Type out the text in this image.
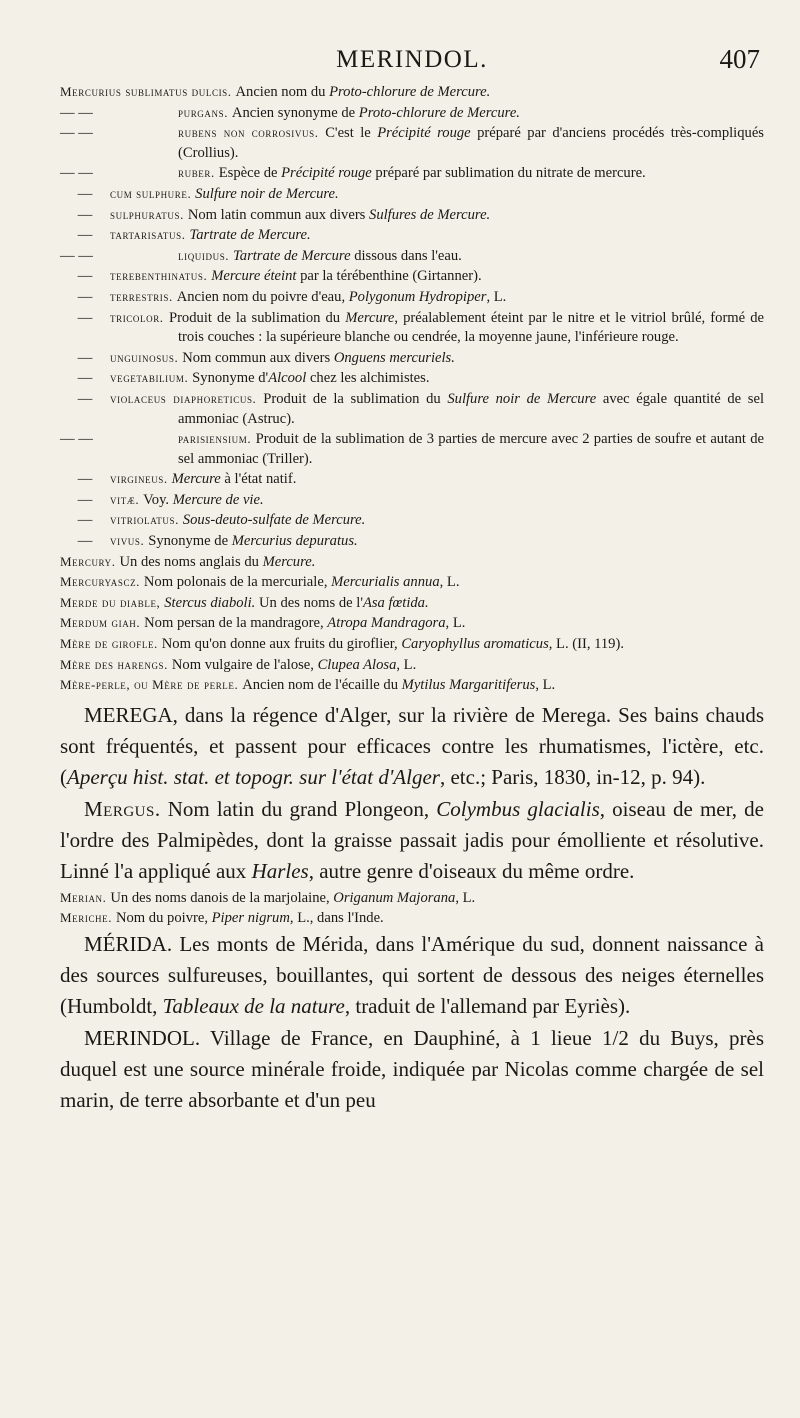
MERINDOL.	407

Mercurius sublimatus dulcis. Ancien nom du Proto-chlorure de Mercure.

— —	purgans. Ancien synonyme de Proto-chlorure de Mercure.

— —	rubens non corrosivus. C'est le Précipité rouge préparé par d'anciens procédés très-compliqués (Crollius).

— —	ruber. Espèce de Précipité rouge préparé par sublimation du nitrate de mercure.

— cum sulphure. Sulfure noir de Mercure.

— sulphuratus. Nom latin commun aux divers Sulfures de Mercure.

— tartarisatus. Tartrate de Mercure.

— —	liquidus. Tartrate de Mercure dissous dans l'eau.

— terebenthinatus. Mercure éteint par la térébenthine (Girtanner).

— terrestris. Ancien nom du poivre d'eau, Polygonum Hydropiper, L.

— tricolor. Produit de la sublimation du Mercure, préalablement éteint par le nitre et le vitriol brûlé, formé de trois couches : la supérieure blanche ou cendrée, la moyenne jaune, l'inférieure rouge.

— unguinosus. Nom commun aux divers Onguens mercuriels.

— vegetabilium. Synonyme d'Alcool chez les alchimistes.

— violaceus diaphoreticus. Produit de la sublimation du Sulfure noir de Mercure avec égale quantité de sel ammoniac (Astruc).

— —	parisiensium. Produit de la sublimation de 3 parties de mercure avec 2 parties de soufre et autant de sel ammoniac (Triller).

— virgineus. Mercure à l'état natif.

— vitæ. Voy. Mercure de vie.

— vitriolatus. Sous-deuto-sulfate de Mercure.

— vivus. Synonyme de Mercurius depuratus.

Mercury. Un des noms anglais du Mercure.

Mercuryascz. Nom polonais de la mercuriale, Mercurialis annua, L.

Merde du diable, Stercus diaboli. Un des noms de l'Asa fœtida.

Merdum giah. Nom persan de la mandragore, Atropa Mandragora, L.

Mère de girofle. Nom qu'on donne aux fruits du giroflier, Caryophyllus aromaticus, L. (II, 119).

Mère des harengs. Nom vulgaire de l'alose, Clupea Alosa, L.

Mère-perle, ou Mère de perle. Ancien nom de l'écaille du Mytilus Margaritiferus, L.

MEREGA, dans la régence d'Alger, sur la rivière de Merega. Ses bains chauds sont fréquentés, et passent pour efficaces contre les rhumatismes, l'ictère, etc. (Aperçu hist. stat. et topogr. sur l'état d'Alger, etc.; Paris, 1830, in-12, p. 94).

Mergus. Nom latin du grand Plongeon, Colymbus glacialis, oiseau de mer, de l'ordre des Palmipèdes, dont la graisse passait jadis pour émolliente et résolutive. Linné l'a appliqué aux Harles, autre genre d'oiseaux du même ordre.

Merian. Un des noms danois de la marjolaine, Origanum Majorana, L.

Meriche. Nom du poivre, Piper nigrum, L., dans l'Inde.

MÉRIDA. Les monts de Mérida, dans l'Amérique du sud, donnent naissance à des sources sulfureuses, bouillantes, qui sortent de dessous des neiges éternelles (Humboldt, Tableaux de la nature, traduit de l'allemand par Eyriès).

MERINDOL. Village de France, en Dauphiné, à 1 lieue 1/2 du Buys, près duquel est une source minérale froide, indiquée par Nicolas comme chargée de sel marin, de terre absorbante et d'un peu
